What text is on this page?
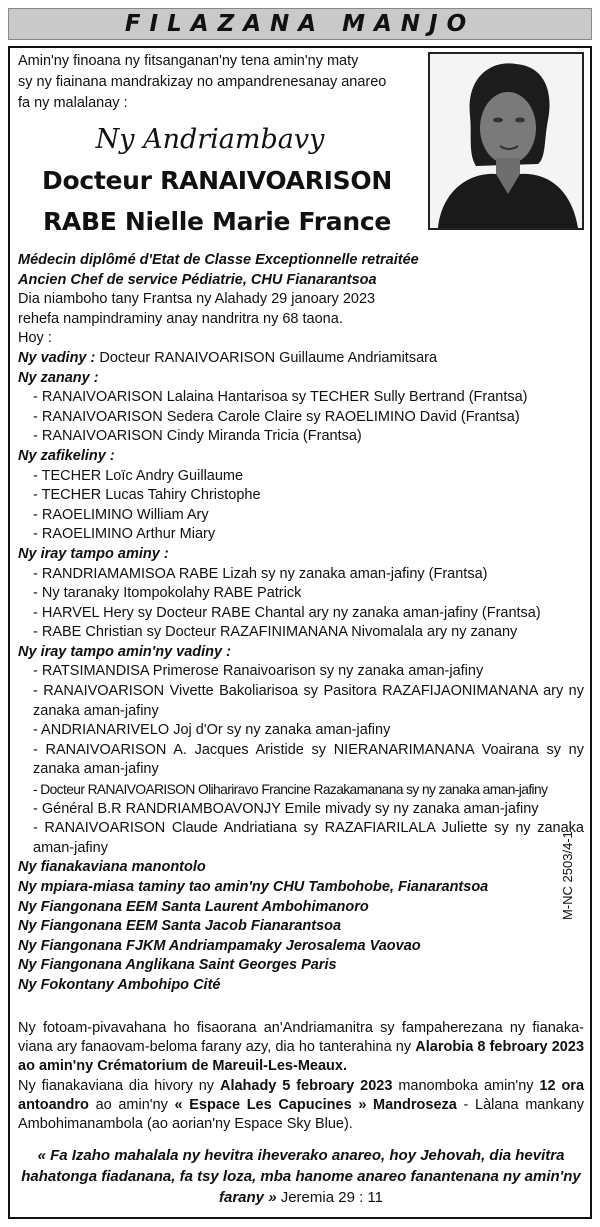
FILAZANA MANJO
Amin'ny finoana ny fitsanganan'ny tena amin'ny maty
sy ny fiainana mandrakizay no ampandrenesanay anareo
fa ny malalanay :
Ny Andriambavy
Docteur RANAIVOARISON
RABE Nielle Marie France

Médecin diplômé d'Etat de Classe Exceptionnelle retraitée

Ancien Chef de service Pédiatrie, CHU Fianarantsoa

Dia niamboho tany Frantsa ny Alahady 29 janoary 2023

rehefa nampindraminy anay nandritra ny 68 taona.

Hoy :

Ny vadiny : Docteur RANAIVOARISON Guillaume Andriamitsara

Ny zanany :

- RANAIVOARISON Lalaina Hantarisoa sy TECHER Sully Bertrand (Frantsa)

- RANAIVOARISON Sedera Carole Claire sy RAOELIMINO David (Frantsa)

- RANAIVOARISON Cindy Miranda Tricia (Frantsa)

Ny zafikeliny :

- TECHER Loïc Andry Guillaume

- TECHER Lucas Tahiry Christophe

- RAOELIMINO William Ary

- RAOELIMINO Arthur Miary

Ny iray tampo aminy :

- RANDRIAMAMISOA RABE Lizah sy ny zanaka aman-jafiny (Frantsa)

- Ny taranaky Itompokolahy RABE Patrick

- HARVEL Hery sy Docteur RABE Chantal ary ny zanaka aman-jafiny (Frantsa)

- RABE Christian sy Docteur RAZAFINIMANANA Nivomalala ary ny zanany

Ny iray tampo amin'ny vadiny :

- RATSIMANDISA Primerose Ranaivoarison sy ny zanaka aman-jafiny

- RANAIVOARISON Vivette Bakoliarisoa sy Pasitora RAZAFIJAONIMANANA ary ny zanaka aman-jafiny

- ANDRIANARIVELO Joj d'Or sy ny zanaka aman-jafiny

- RANAIVOARISON A. Jacques Aristide sy NIERANARIMANANA Voairana sy ny zanaka aman-jafiny

- Docteur RANAIVOARISON Olihariravo Francine Razakamanana sy ny zanaka aman-jafiny

- Général B.R RANDRIAMBOAVONJY Emile mivady sy ny zanaka aman-jafiny

- RANAIVOARISON Claude Andriatiana sy RAZAFIARILALA Juliette sy ny zanaka aman-jafiny

Ny fianakaviana manontolo

Ny mpiara-miasa taminy tao amin'ny CHU Tambohobe, Fianarantsoa

Ny Fiangonana EEM Santa Laurent Ambohimanoro

Ny Fiangonana EEM Santa Jacob Fianarantsoa

Ny Fiangonana FJKM Andriampamaky Jerosalema Vaovao

Ny Fiangonana Anglikana Saint Georges Paris

Ny Fokontany Ambohipo Cité

M-NC 2503/4-1

Ny fotoam-pivavahana ho fisaorana an'Andriamanitra sy fampaherezana ny fianaka- viana ary fanaovam-beloma farany azy, dia ho tanterahina ny Alarobia 8 febroary 2023 ao amin'ny Crématorium de Mareuil-Les-Meaux.

Ny fianakaviana dia hivory ny Alahady 5 febroary 2023 manomboka amin'ny 12 ora antoandro ao amin'ny « Espace Les Capucines » Mandroseza - Làlana mankany Ambohimanambola (ao aorian'ny Espace Sky Blue).

« Fa Izaho mahalala ny hevitra iheverako anareo, hoy Jehovah, dia hevitra hahatonga fiadanana, fa tsy loza, mba hanome anareo fanantenana ny amin'ny farany » Jeremia 29 : 11
